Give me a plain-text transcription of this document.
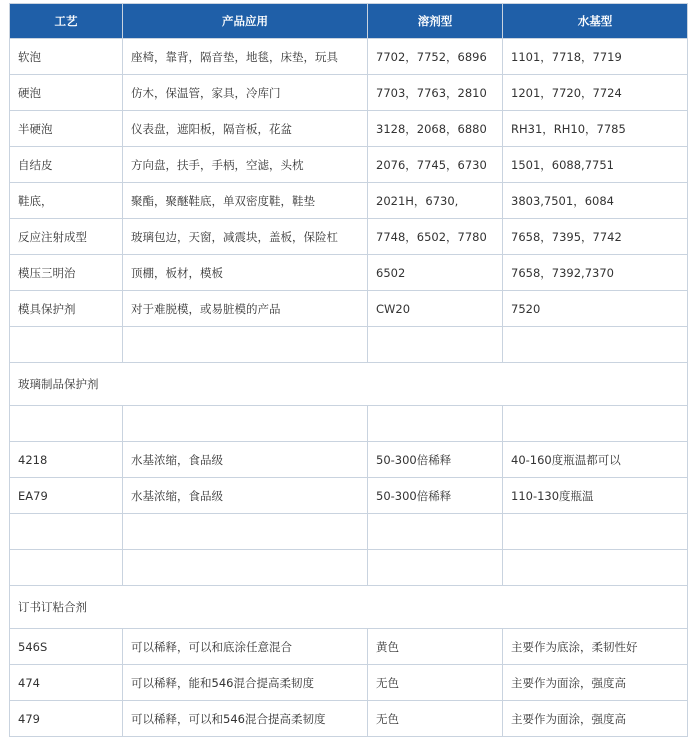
工艺	产品应用	溶剂型	水基型
软泡	座椅，靠背，隔音垫，地毯，床垫，玩具	7702，7752，6896	1101，7718，7719
硬泡	仿木，保温管，家具，冷库门	7703，7763，2810	1201，7720，7724
半硬泡	仪表盘，遮阳板，隔音板，花盆	3128，2068，6880	RH31，RH10，7785
自结皮	方向盘，扶手，手柄，空滤，头枕	2076，7745，6730	1501，6088,7751
鞋底，	聚酯，聚醚鞋底，单双密度鞋，鞋垫	2021H，6730,	3803,7501，6084
反应注射成型	玻璃包边，天窗，减震块，盖板，保险杠	7748，6502，7780	7658，7395，7742
模压三明治	顶棚，板材，模板	6502	7658，7392,7370
模具保护剂	对于难脱模，或易脏模的产品	CW20	7520

玻璃制品保护剂			

4218	水基浓缩，食品级	50-300倍稀释	40-160度瓶温都可以
EA79	水基浓缩，食品级	50-300倍稀释	110-130度瓶温

订书订粘合剂			
546S	可以稀释，可以和底涂任意混合	黄色	主要作为底涂，柔韧性好
474	可以稀释，能和546混合提高柔韧度	无色	主要作为面涂，强度高
479	可以稀释，可以和546混合提高柔韧度	无色	主要作为面涂，强度高
